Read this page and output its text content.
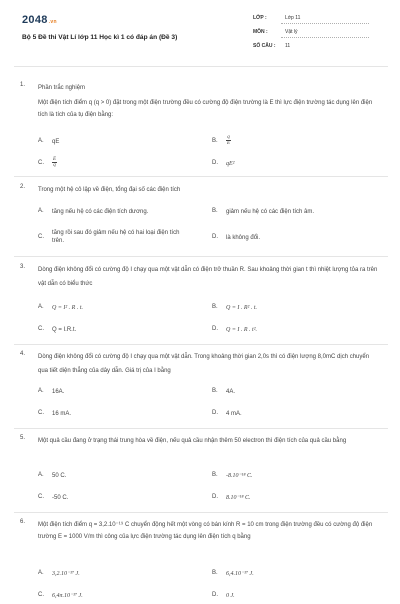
2048.vn
Bộ 5 Đề thi Vật Lí lớp 11 Học kì 1 có đáp án (Đề 3)
LỚP :	Lớp 11
MÔN :	Vật lý
SỐ CÂU : 11
1. Phần trắc nghiệm
Một điện tích điểm q (q > 0) đặt trong một điện trường đều có cường độ điện trường là E thì lực điện trường tác dụng lên điện tích là tích của tụ điện bằng:
A. qE	B. $\frac{q}{E}$
C. $\frac{E}{q}$	D. qE²
2. Trong một hệ cô lập về điện, tổng đại số các điện tích
A. tăng nếu hệ có các điện tích dương.	B. giảm nếu hệ có các điện tích âm.
C.
tăng rồi sau đó giảm nếu hệ có hai loại điện tích trên.
D. là không đổi.
3. Dòng điện không đổi có cường độ I chạy qua một vật dẫn có điện trở thuần R. Sau khoảng thời gian t thì nhiệt lượng tỏa ra trên vật dẫn có biểu thức
A. Q = I² . R . t.	B. Q = I . R² . t.
C. Q = I.R.t.	D. Q = I . R . t².
4. Dòng điện không đổi có cường độ I chạy qua một vật dẫn. Trong khoảng thời gian 2,0s thì có điện lượng 8,0mC dịch chuyển qua tiết diện thẳng của dây dẫn. Giá trị của I bằng
A. 16A.	B. 4A.
C. 16 mA.	D. 4 mA.
5. Một quả cầu đang ở trạng thái trung hòa về điện, nếu quả cầu nhận thêm 50 electron thì điện tích của quả cầu bằng
A. 50 C.	B. -8.10⁻¹⁸ C.
C. -50 C.	D. 8.10⁻¹⁸ C.
6. Một điện tích điểm q = 3,2.10⁻¹⁹ C chuyển động hết một vòng có bán kính R = 10 cm trong điện trường đều có cường độ điện trường E = 1000 V/m thì công của lực điện trường tác dụng lên điện tích q bằng
A. 3,2.10⁻¹⁷ J.	B. 6,4.10⁻¹⁷ J.
C. 6,4π.10⁻¹⁷ J.	D. 0 J.
